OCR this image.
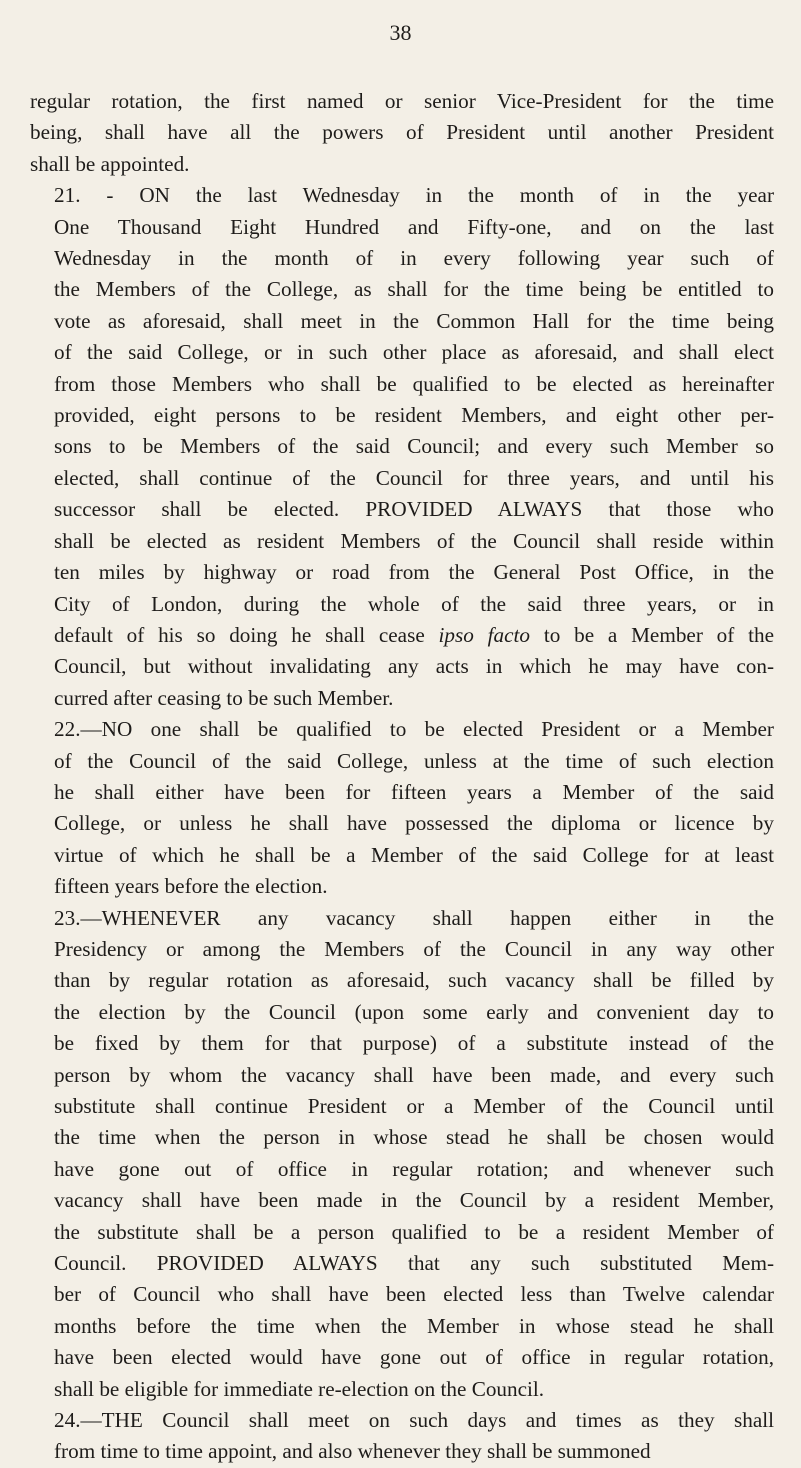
38

regular rotation, the first named or senior Vice-President for the time
being, shall have all the powers of President until another President
shall be appointed.

21. - ON the last Wednesday in the month of in the year
One Thousand Eight Hundred and Fifty-one, and on the last
Wednesday in the month of in every following year such of
the Members of the College, as shall for the time being be entitled to
vote as aforesaid, shall meet in the Common Hall for the time being
of the said College, or in such other place as aforesaid, and shall elect
from those Members who shall be qualified to be elected as hereinafter
provided, eight persons to be resident Members, and eight other per-
sons to be Members of the said Council; and every such Member so
elected, shall continue of the Council for three years, and until his
successor shall be elected. PROVIDED ALWAYS that those who
shall be elected as resident Members of the Council shall reside within
ten miles by highway or road from the General Post Office, in the
City of London, during the whole of the said three years, or in
default of his so doing he shall cease ipso facto to be a Member of the
Council, but without invalidating any acts in which he may have con-
curred after ceasing to be such Member.

22.—NO one shall be qualified to be elected President or a Member
of the Council of the said College, unless at the time of such election
he shall either have been for fifteen years a Member of the said
College, or unless he shall have possessed the diploma or licence by
virtue of which he shall be a Member of the said College for at least
fifteen years before the election.

23.—WHENEVER any vacancy shall happen either in the
Presidency or among the Members of the Council in any way other
than by regular rotation as aforesaid, such vacancy shall be filled by
the election by the Council (upon some early and convenient day to
be fixed by them for that purpose) of a substitute instead of the
person by whom the vacancy shall have been made, and every such
substitute shall continue President or a Member of the Council until
the time when the person in whose stead he shall be chosen would
have gone out of office in regular rotation; and whenever such
vacancy shall have been made in the Council by a resident Member,
the substitute shall be a person qualified to be a resident Member of
Council. PROVIDED ALWAYS that any such substituted Mem-
ber of Council who shall have been elected less than Twelve calendar
months before the time when the Member in whose stead he shall
have been elected would have gone out of office in regular rotation,
shall be eligible for immediate re-election on the Council.

24.—THE Council shall meet on such days and times as they shall
from time to time appoint, and also whenever they shall be summoned
